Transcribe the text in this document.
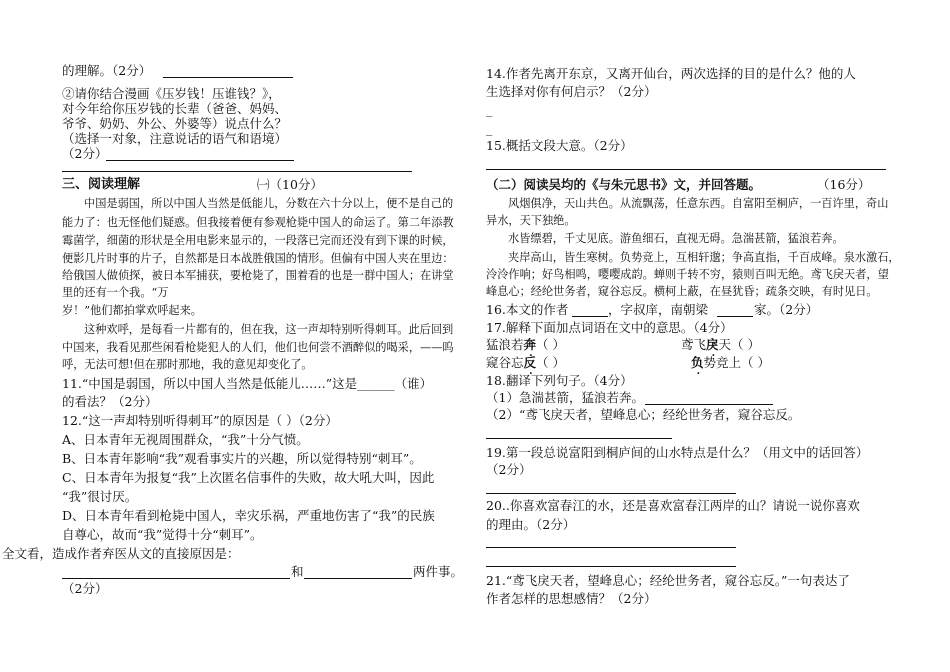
的理解。（2分）
②请你结合漫画《压岁钱！压谁钱？》，
对今年给你压岁钱的长辈（爸爸、妈妈、
爷爷、奶奶、外公、外婆等）说点什么？
（选择一对象，注意说话的语气和语境）
（2分）
三、阅读理解	㈠（10分）
中国是弱国，所以中国人当然是低能儿，分数在六十分以上，便不是自己的
能力了：也无怪他们疑惑。但我接着便有参观枪毙中国人的命运了。第二年添教
霉菌学，细菌的形状是全用电影来显示的，一段落已完而还没有到下课的时候，
便影几片时事的片子，自然都是日本战胜俄国的情形。但偏有中国人夹在里边：
给俄国人做侦探，被日本军捕获，要枪毙了，围着看的也是一群中国人；在讲堂
里的还有一个我。“万
岁！”他们都拍掌欢呼起来。
这种欢呼，是每看一片都有的，但在我，这一声却特别听得刺耳。此后回到
中国来，我看见那些闲看枪毙犯人的人们，他们也何尝不酒醉似的喝采，——呜
呼，无法可想!但在那时那地，我的意见却变化了。
11.“中国是弱国，所以中国人当然是低能儿……”这是______（谁）
的看法？（2分）
12.“这一声却特别听得刺耳”的原因是（ ）（2分）
A、日本青年无视周围群众，“我”十分气愤。
B、日本青年影响“我”观看事实片的兴趣，所以觉得特别“刺耳”。
C、日本青年为报复“我”上次匿名信事件的失败，故大吼大叫，因此
“我”很讨厌。
D、日本青年看到枪毙中国人，幸灾乐祸，严重地伤害了“我”的民族
自尊心，故而“我”觉得十分“刺耳”。
全文看，造成作者弃医从文的直接原因是：
和	两件事。
（2分）
14.作者先离开东京，又离开仙台，两次选择的目的是什么？他的人
生选择对你有何启示？（2分）
_
_
15.概括文段大意。（2分）
（二）阅读吴均的《与朱元思书》文，并回答题。	（16分）
风烟俱净，天山共色。从流飘荡，任意东西。自富阳至桐庐，一百许里，奇山
异水，天下独绝。
水皆缥碧，千丈见底。游鱼细石，直视无碍。急湍甚箭，猛浪若奔。
夹岸高山，皆生寒树。负势竞上，互相轩邈；争高直指，千百成峰。泉水激石，
泠泠作响；好鸟相鸣，嘤嘤成韵。蝉则千转不穷，猿则百叫无绝。鸢飞戾天者，望
峰息心；经纶世务者，窥谷忘反。横柯上蔽，在昼犹昏；疏条交映，有时见日。
16.本文的作者	，字叔庠，南朝梁	家。（2分）
17.解释下面加点词语在文中的意思。（4分）
猛浪若奔（ ）	鸢飞戾天（ ）
窥谷忘反（ ）	负势竞上（ ）
18.翻译下列句子。（4分）
（1）急湍甚箭，猛浪若奔。
（2）“鸢飞戾天者，望峰息心；经纶世务者，窥谷忘反。
19.第一段总说富阳到桐庐间的山水特点是什么？（用文中的话回答）
（2分）
20..你喜欢富春江的水，还是喜欢富春江两岸的山？请说一说你喜欢
的理由。（2分）
21.“鸢飞戾天者，望峰息心；经纶世务者，窥谷忘反。”一句表达了
作者怎样的思想感情？（2分）
